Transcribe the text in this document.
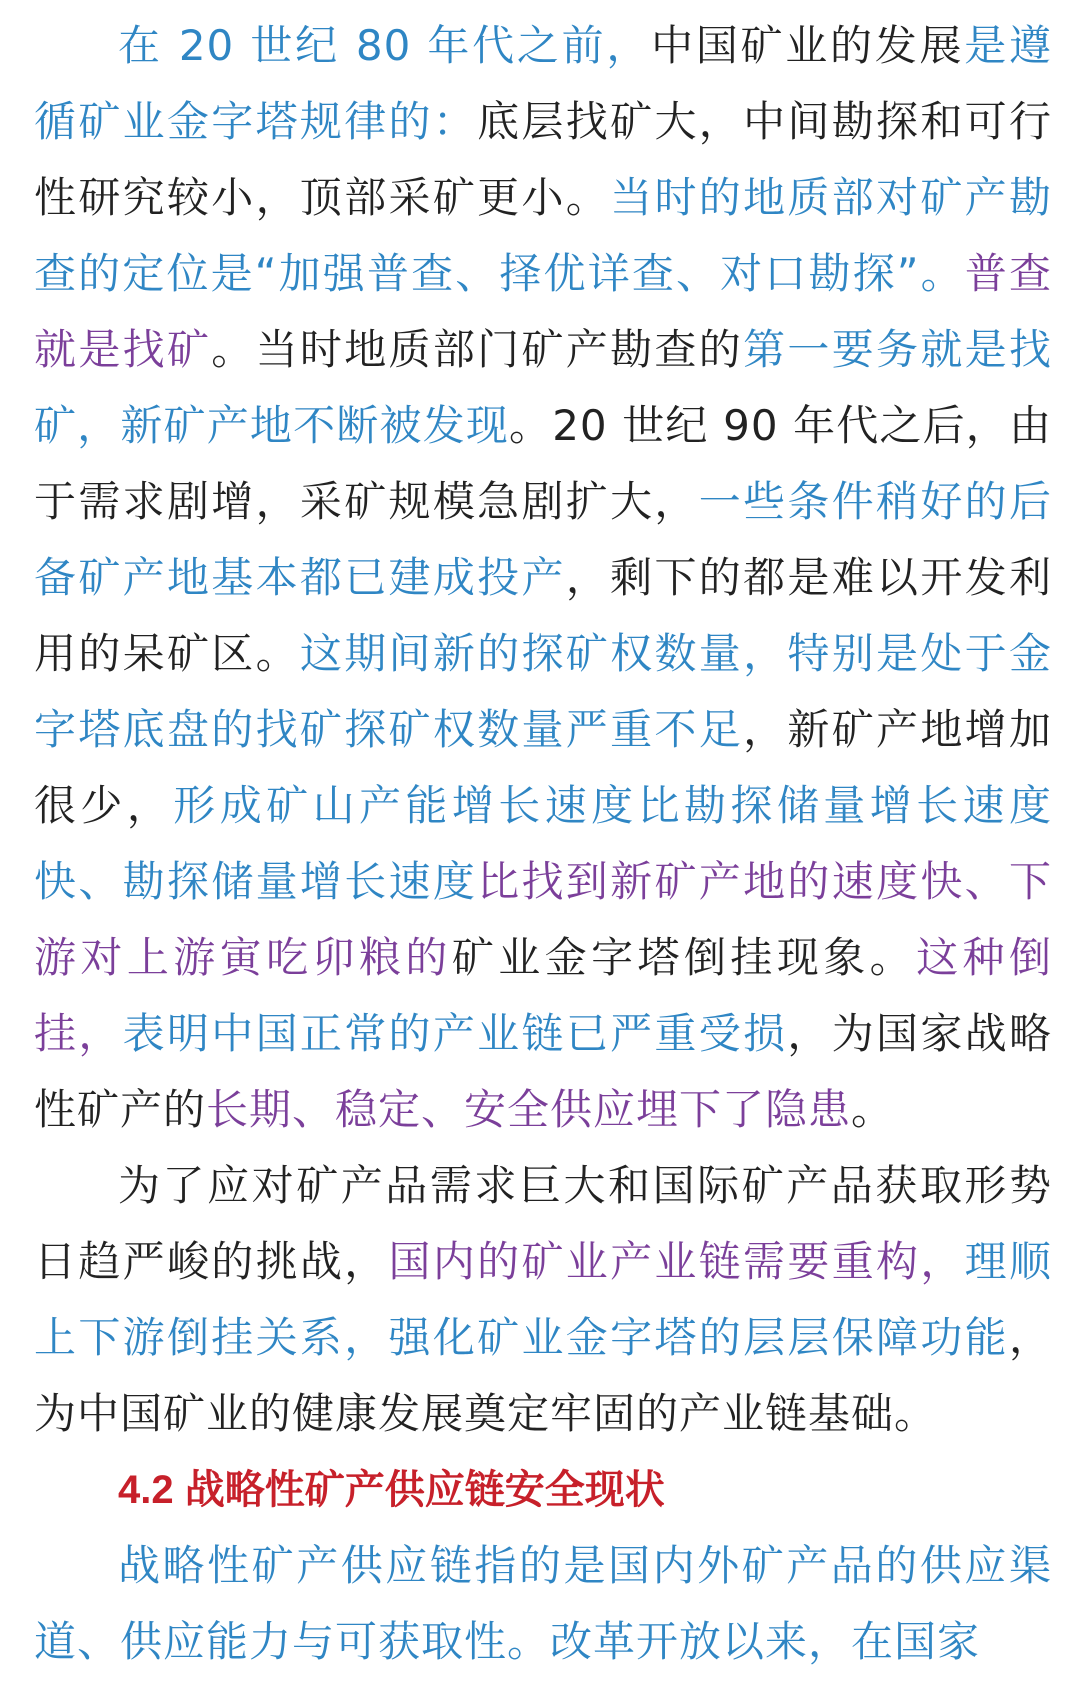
在 20 世纪 80 年代之前，中国矿业的发展是遵循矿业金字塔规律的：底层找矿大，中间勘探和可行性研究较小，顶部采矿更小。当时的地质部对矿产勘查的定位是“加强普查、择优详查、对口勘探”。普查就是找矿。当时地质部门矿产勘查的第一要务就是找矿，新矿产地不断被发现。20 世纪 90 年代之后，由于需求剧增，采矿规模急剧扩大，一些条件稍好的后备矿产地基本都已建成投产，剩下的都是难以开发利用的呆矿区。这期间新的探矿权数量，特别是处于金字塔底盘的找矿探矿权数量严重不足，新矿产地增加很少，形成矿山产能增长速度比勘探储量增长速度快、勘探储量增长速度比找到新矿产地的速度快、下游对上游寅吃卯粮的矿业金字塔倒挂现象。这种倒挂，表明中国正常的产业链已严重受损，为国家战略性矿产的长期、稳定、安全供应埋下了隐患。

为了应对矿产品需求巨大和国际矿产品获取形势日趋严峻的挑战，国内的矿业产业链需要重构，理顺上下游倒挂关系，强化矿业金字塔的层层保障功能，为中国矿业的健康发展奠定牢固的产业链基础。

4.2 战略性矿产供应链安全现状

战略性矿产供应链指的是国内外矿产品的供应渠道、供应能力与可获取性。改革开放以来，在国家
